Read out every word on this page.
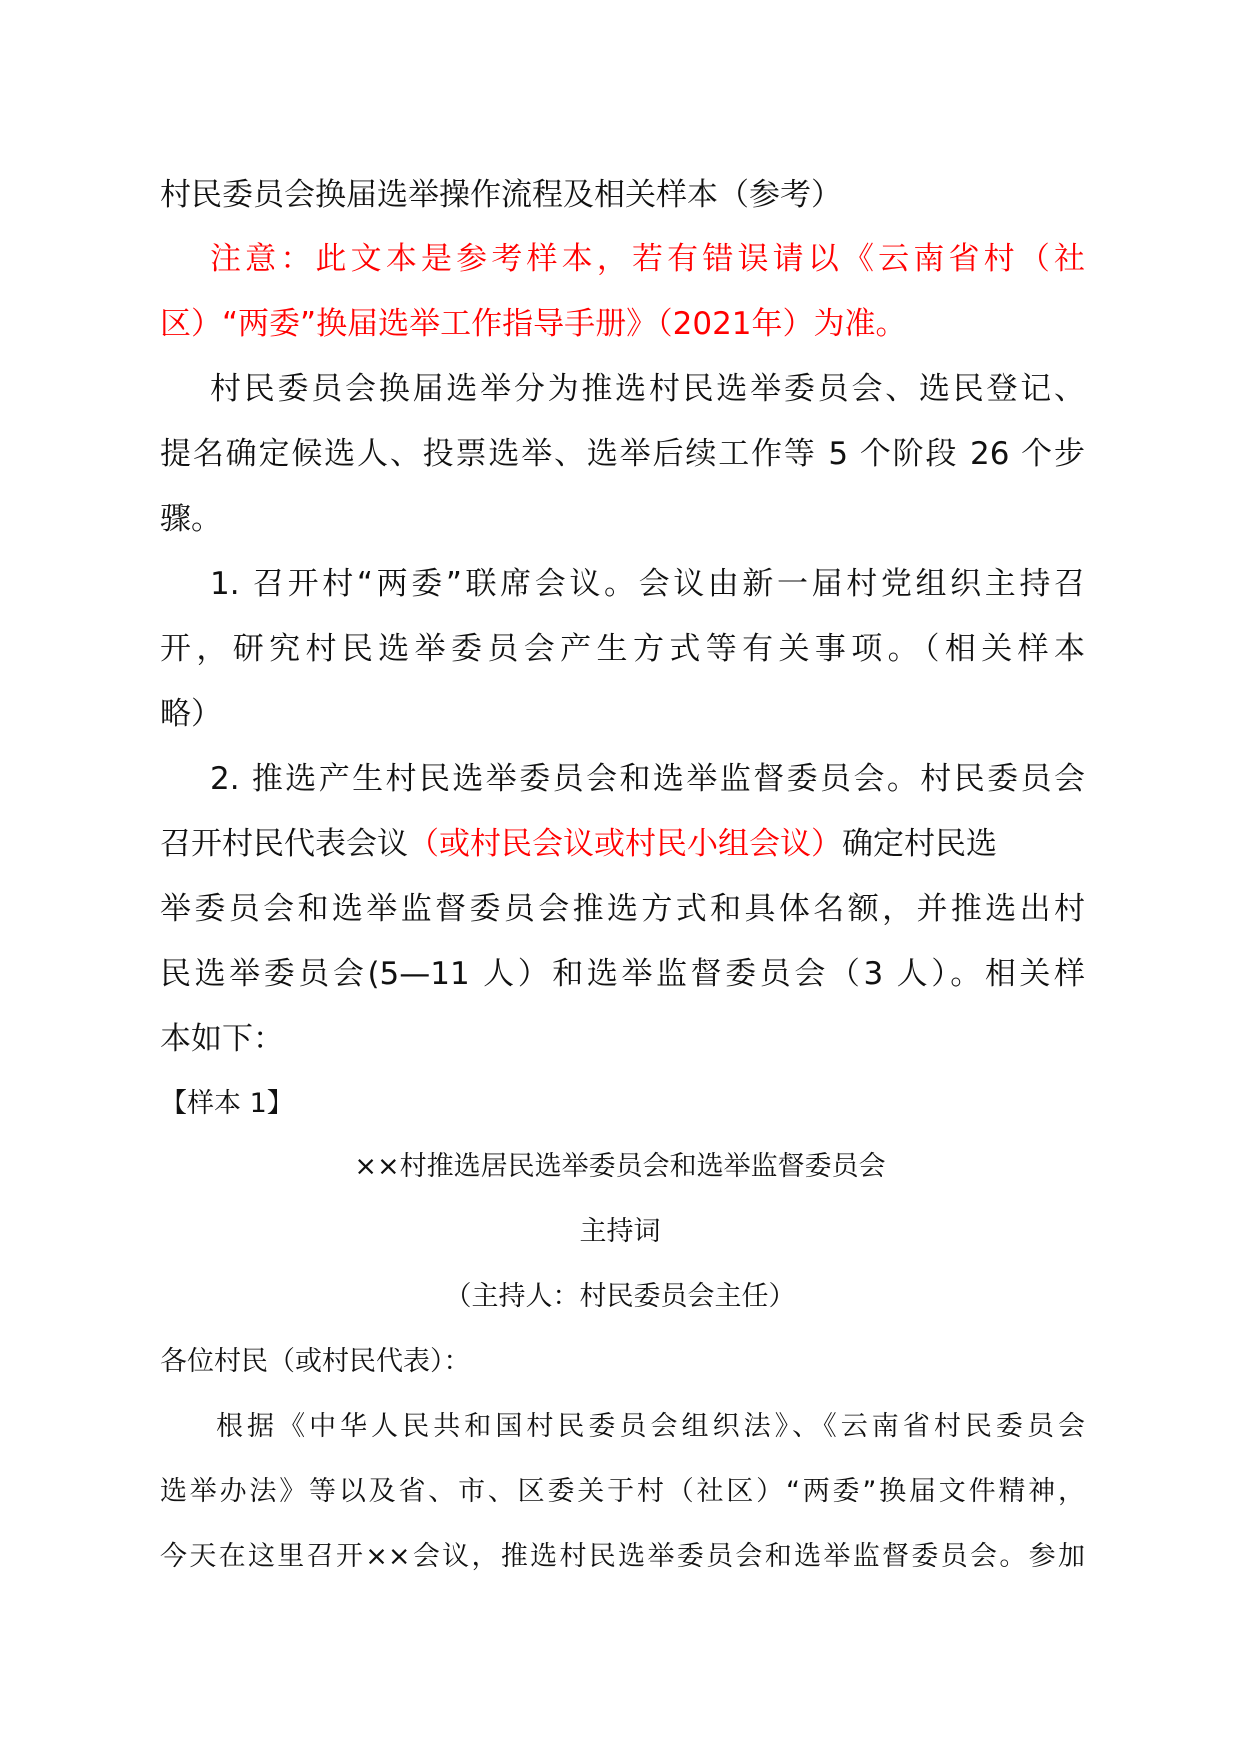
村民委员会换届选举操作流程及相关样本（参考）
注意：此文本是参考样本，若有错误请以《云南省村（社
区）“两委”换届选举工作指导手册》（2021年）为准。
村民委员会换届选举分为推选村民选举委员会、选民登记、
提名确定候选人、投票选举、选举后续工作等 5 个阶段 26 个步
骤。
1. 召开村“两委”联席会议。会议由新一届村党组织主持召
开，研究村民选举委员会产生方式等有关事项。（相关样本
略）
2. 推选产生村民选举委员会和选举监督委员会。村民委员会
召开村民代表会议（或村民会议或村民小组会议）确定村民选
举委员会和选举监督委员会推选方式和具体名额，并推选出村
民选举委员会(5—11 人）和选举监督委员会（3 人）。相关样
本如下：
【样本 1】
××村推选居民选举委员会和选举监督委员会
主持词
（主持人：村民委员会主任）
各位村民（或村民代表）：
根据《中华人民共和国村民委员会组织法》、《云南省村民委员会
选举办法》等以及省、市、区委关于村（社区）“两委”换届文件精神，
今天在这里召开××会议，推选村民选举委员会和选举监督委员会。参加
